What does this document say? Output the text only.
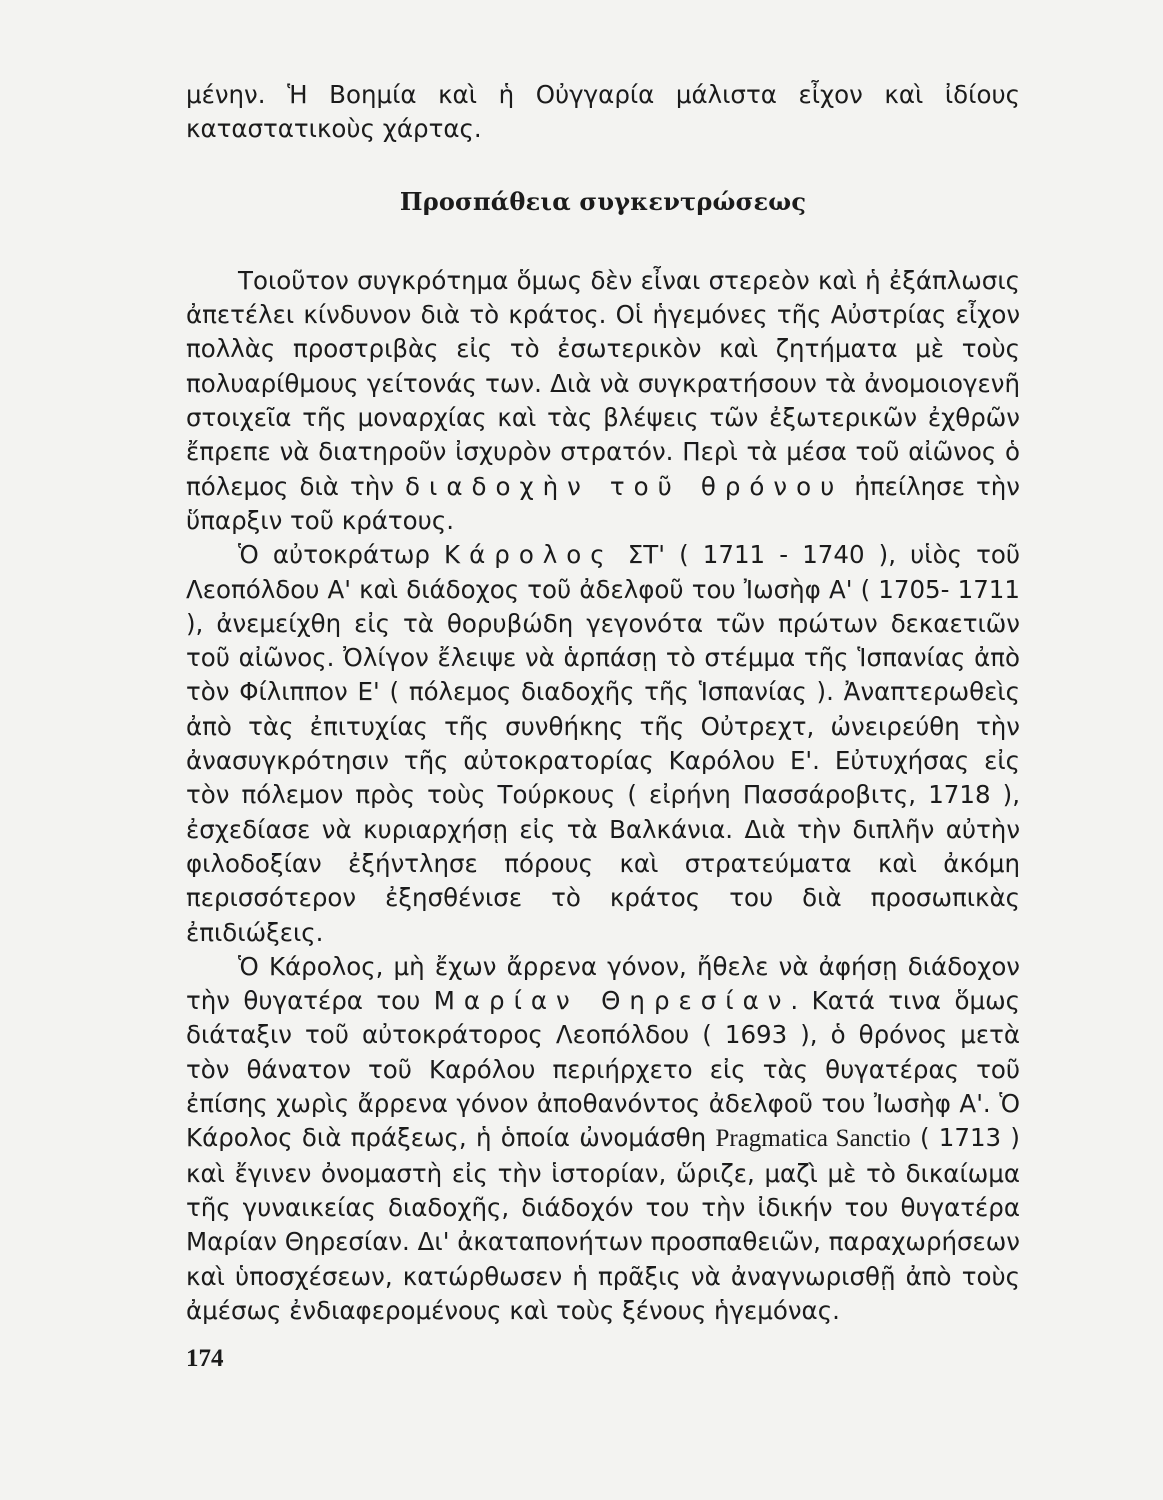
μένην. Ἡ Βοημία καὶ ἡ Οὐγγαρία μάλιστα εἶχον καὶ ἰδίους καταστατικοὺς χάρτας.

Προσπάθεια συγκεντρώσεως

Τοιοῦτον συγκρότημα ὅμως δὲν εἶναι στερεὸν καὶ ἡ ἐξάπλωσις ἀπετέλει κίνδυνον διὰ τὸ κράτος. Οἱ ἡγεμόνες τῆς Αὐστρίας εἶχον πολλὰς προστριβὰς εἰς τὸ ἐσωτερικὸν καὶ ζητήματα μὲ τοὺς πολυαρίθμους γείτονάς των. Διὰ νὰ συγκρατήσουν τὰ ἀνομοιογενῆ στοιχεῖα τῆς μοναρχίας καὶ τὰς βλέψεις τῶν ἐξωτερικῶν ἐχθρῶν ἔπρεπε νὰ διατηροῦν ἰσχυρὸν στρατόν. Περὶ τὰ μέσα τοῦ αἰῶνος ὁ πόλεμος διὰ τὴν διαδοχὴν τοῦ θρόνου ἠπείλησε τὴν ὕπαρξιν τοῦ κράτους.

Ὁ αὐτοκράτωρ Κάρολος ΣΤ' ( 1711 - 1740 ), υἱὸς τοῦ Λεοπόλδου Α' καὶ διάδοχος τοῦ ἀδελφοῦ του Ἰωσὴφ Α' ( 1705- 1711 ), ἀνεμείχθη εἰς τὰ θορυβώδη γεγονότα τῶν πρώτων δεκαετιῶν τοῦ αἰῶνος. Ὀλίγον ἔλειψε νὰ ἁρπάσῃ τὸ στέμμα τῆς Ἱσπανίας ἀπὸ τὸν Φίλιππον Ε' ( πόλεμος διαδοχῆς τῆς Ἱσπανίας ). Ἀναπτερωθεὶς ἀπὸ τὰς ἐπιτυχίας τῆς συνθήκης τῆς Οὐτρεχτ, ὠνειρεύθη τὴν ἀνασυγκρότησιν τῆς αὐτοκρατορίας Καρόλου Ε'. Εὐτυχήσας εἰς τὸν πόλεμον πρὸς τοὺς Τούρκους ( εἰρήνη Πασσάροβιτς, 1718 ), ἐσχεδίασε νὰ κυριαρχήσῃ εἰς τὰ Βαλκάνια. Διὰ τὴν διπλῆν αὐτὴν φιλοδοξίαν ἐξήντλησε πόρους καὶ στρατεύματα καὶ ἀκόμη περισσότερον ἐξησθένισε τὸ κράτος του διὰ προσωπικὰς ἐπιδιώξεις.

Ὁ Κάρολος, μὴ ἔχων ἄρρενα γόνον, ἤθελε νὰ ἀφήσῃ διάδοχον τὴν θυγατέρα του Μαρίαν Θηρεσίαν. Κατά τινα ὅμως διάταξιν τοῦ αὐτοκράτορος Λεοπόλδου ( 1693 ), ὁ θρόνος μετὰ τὸν θάνατον τοῦ Καρόλου περιήρχετο εἰς τὰς θυγατέρας τοῦ ἐπίσης χωρὶς ἄρρενα γόνον ἀποθανόντος ἀδελφοῦ του Ἰωσὴφ Α'. Ὁ Κάρολος διὰ πράξεως, ἡ ὁποία ὠνομάσθη Pragmatica Sanctio ( 1713 ) καὶ ἔγινεν ὀνομαστὴ εἰς τὴν ἱστορίαν, ὥριζε, μαζὶ μὲ τὸ δικαίωμα τῆς γυναικείας διαδοχῆς, διάδοχόν του τὴν ἰδικήν του θυγατέρα Μαρίαν Θηρεσίαν. Δι' ἀκαταπονήτων προσπαθειῶν, παραχωρήσεων καὶ ὑποσχέσεων, κατώρθωσεν ἡ πρᾶξις νὰ ἀναγνωρισθῇ ἀπὸ τοὺς ἀμέσως ἐνδιαφερομένους καὶ τοὺς ξένους ἡγεμόνας.

174
